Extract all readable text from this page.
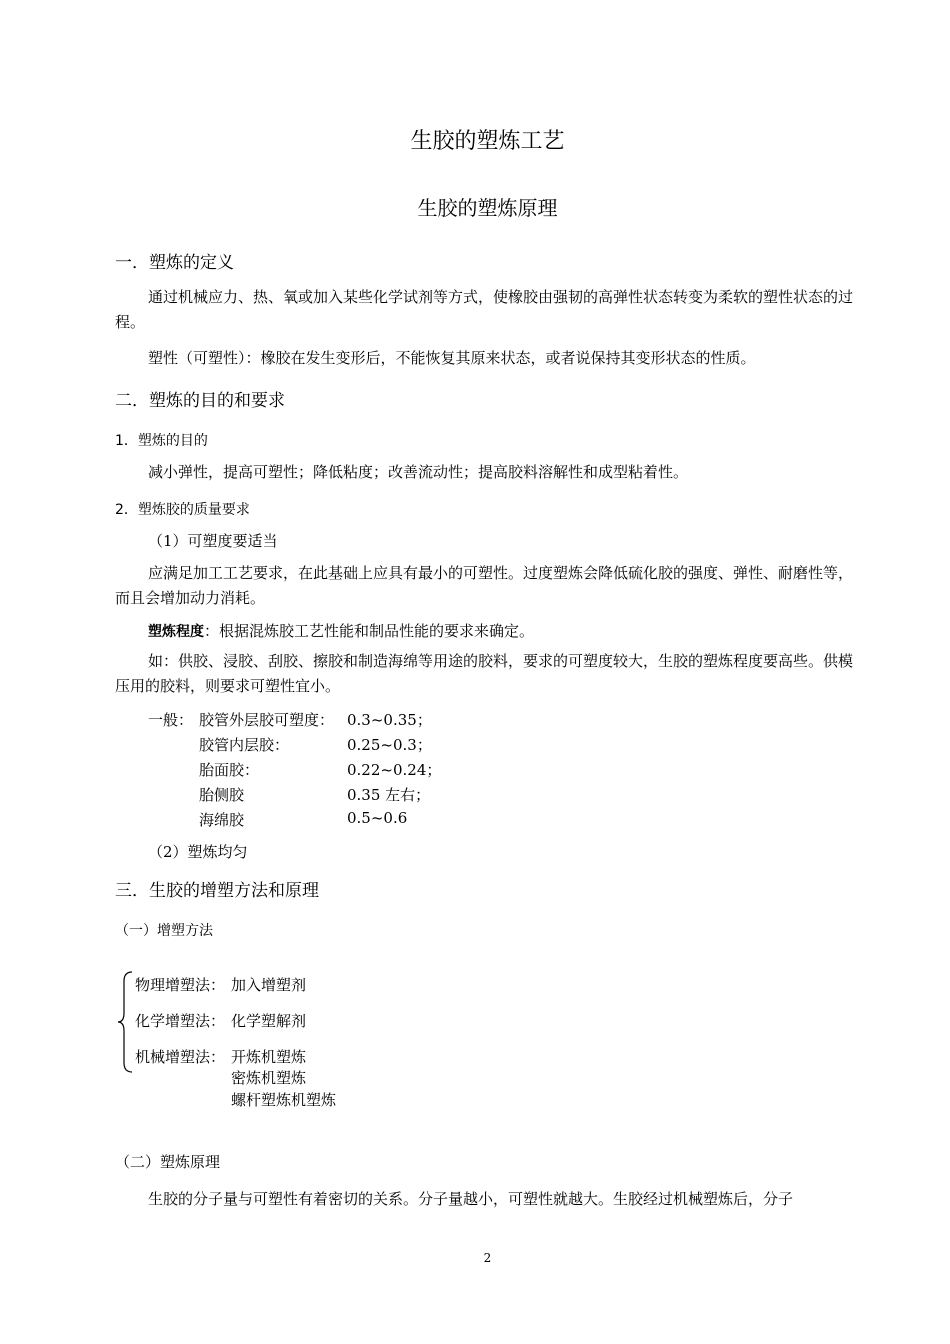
生胶的塑炼工艺
生胶的塑炼原理
一．塑炼的定义
通过机械应力、热、氧或加入某些化学试剂等方式，使橡胶由强韧的高弹性状态转变为柔软的塑性状态的过程。
塑性（可塑性）：橡胶在发生变形后，不能恢复其原来状态，或者说保持其变形状态的性质。
二．塑炼的目的和要求
1．塑炼的目的
减小弹性，提高可塑性；降低粘度；改善流动性；提高胶料溶解性和成型粘着性。
2．塑炼胶的质量要求
（1）可塑度要适当
应满足加工工艺要求，在此基础上应具有最小的可塑性。过度塑炼会降低硫化胶的强度、弹性、耐磨性等，而且会增加动力消耗。
塑炼程度：根据混炼胶工艺性能和制品性能的要求来确定。
如：供胶、浸胶、刮胶、擦胶和制造海绵等用途的胶料，要求的可塑度较大，生胶的塑炼程度要高些。供模压用的胶料，则要求可塑性宜小。
一般： 胶管外层胶可塑度： 0.3~0.35；
胶管内层胶：	0.25~0.3；
胎面胶：	0.22~0.24；
胎侧胶	0.35 左右；
海绵胶	0.5~0.6
（2）塑炼均匀
三．生胶的增塑方法和原理
（一）增塑方法
物理增塑法： 加入增塑剂
化学增塑法： 化学塑解剂
机械增塑法： 开炼机塑炼
密炼机塑炼
螺杆塑炼机塑炼
（二）塑炼原理
生胶的分子量与可塑性有着密切的关系。分子量越小，可塑性就越大。生胶经过机械塑炼后，分子
2
